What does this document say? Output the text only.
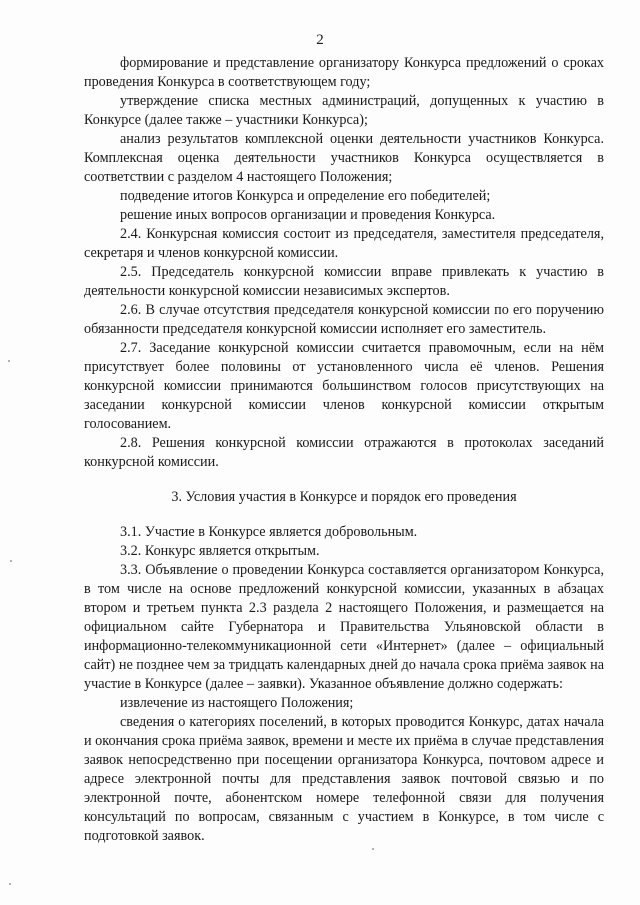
2

формирование и представление организатору Конкурса предложений о сроках проведения Конкурса в соответствующем году;

утверждение списка местных администраций, допущенных к участию в Конкурсе (далее также – участники Конкурса);

анализ результатов комплексной оценки деятельности участников Конкурса. Комплексная оценка деятельности участников Конкурса осуществляется в соответствии с разделом 4 настоящего Положения;

подведение итогов Конкурса и определение его победителей;

решение иных вопросов организации и проведения Конкурса.

2.4. Конкурсная комиссия состоит из председателя, заместителя председателя, секретаря и членов конкурсной комиссии.

2.5. Председатель конкурсной комиссии вправе привлекать к участию в деятельности конкурсной комиссии независимых экспертов.

2.6. В случае отсутствия председателя конкурсной комиссии по его поручению обязанности председателя конкурсной комиссии исполняет его заместитель.

2.7. Заседание конкурсной комиссии считается правомочным, если на нём присутствует более половины от установленного числа её членов. Решения конкурсной комиссии принимаются большинством голосов присутствующих на заседании конкурсной комиссии членов конкурсной комиссии открытым голосованием.

2.8. Решения конкурсной комиссии отражаются в протоколах заседаний конкурсной комиссии.

3. Условия участия в Конкурсе и порядок его проведения

3.1. Участие в Конкурсе является добровольным.

3.2. Конкурс является открытым.

3.3. Объявление о проведении Конкурса составляется организатором Конкурса, в том числе на основе предложений конкурсной комиссии, указанных в абзацах втором и третьем пункта 2.3 раздела 2 настоящего Положения, и размещается на официальном сайте Губернатора и Правительства Ульяновской области в информационно-телекоммуникационной сети «Интернет» (далее – официальный сайт) не позднее чем за тридцать календарных дней до начала срока приёма заявок на участие в Конкурсе (далее – заявки). Указанное объявление должно содержать:

извлечение из настоящего Положения;

сведения о категориях поселений, в которых проводится Конкурс, датах начала и окончания срока приёма заявок, времени и месте их приёма в случае представления заявок непосредственно при посещении организатора Конкурса, почтовом адресе и адресе электронной почты для представления заявок почтовой связью и по электронной почте, абонентском номере телефонной связи для получения консультаций по вопросам, связанным с участием в Конкурсе, в том числе с подготовкой заявок.
